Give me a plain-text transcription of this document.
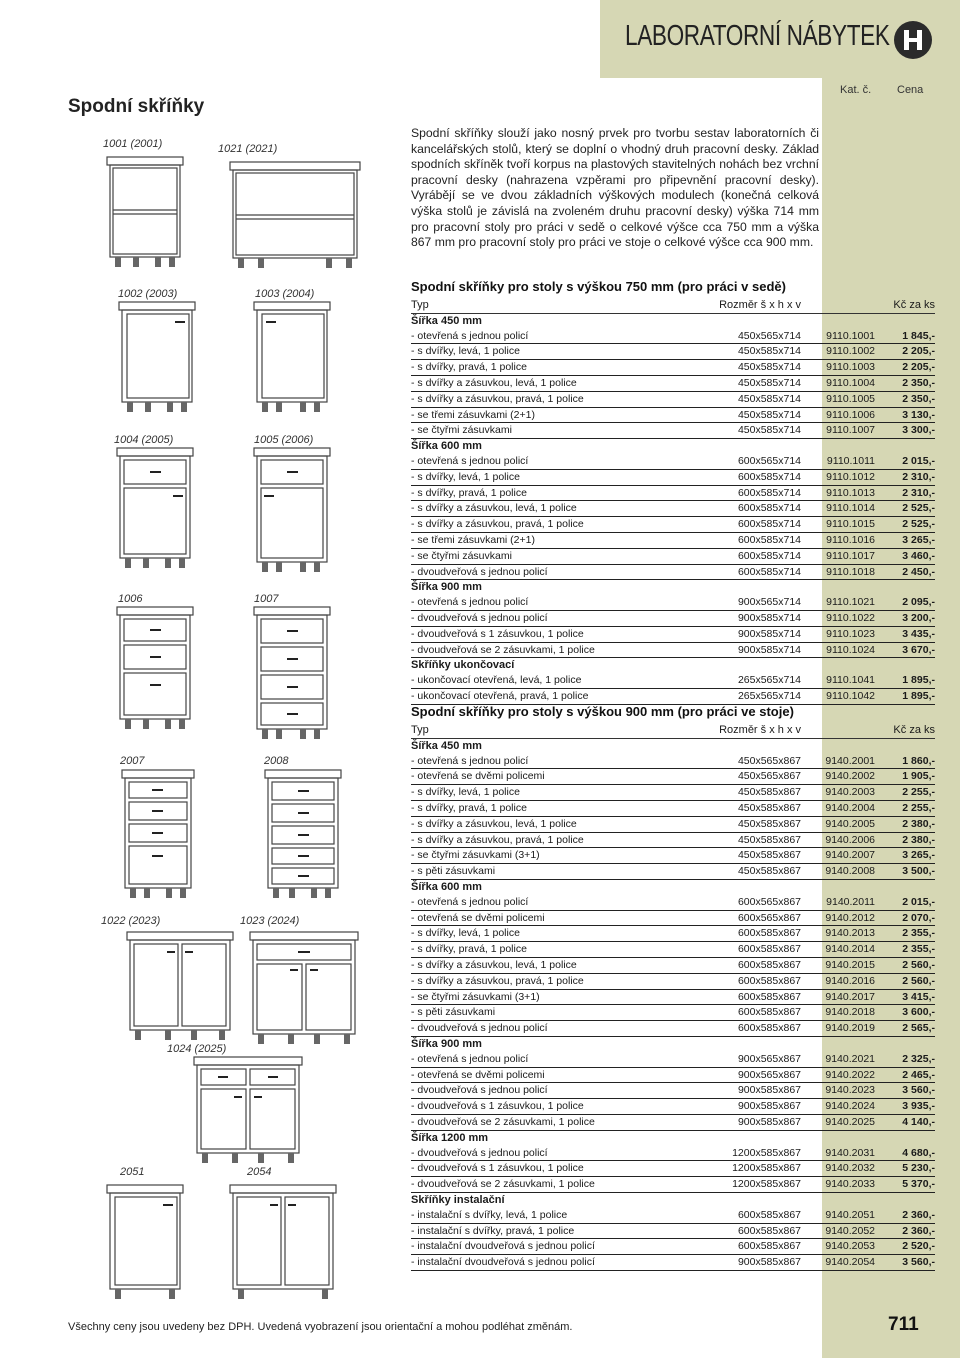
LABORATORNÍ NÁBYTEK
Kat. č. Cena
Spodní skříňky
Spodní skříňky slouží jako nosný prvek pro tvorbu sestav laboratorních či kancelářských stolů, který se doplní o vhodný druh pracovní desky. Základ spodních skříněk tvoří korpus na plastových stavitelných nohách bez vrchní pracovní desky (nahrazena vzpěrami pro připevnění pracovní desky). Vyrábějí se ve dvou základních výškových modulech (konečná celková výška stolů je závislá na zvoleném druhu pracovní desky) výška 714 mm pro pracovní stoly pro práci v sedě o celkové výšce cca 750 mm a výška 867 mm pro pracovní stoly pro práci ve stoje o celkové výšce cca 900 mm.
Spodní skříňky pro stoly s výškou 750 mm (pro práci v sedě)
Typ	Rozměr š x h x v		Kč za ks
Šířka 450 mm			
- otevřená s jednou policí	450x565x714	9110.1001	1 845,-
- s dvířky, levá, 1 police	450x585x714	9110.1002	2 205,-
- s dvířky, pravá, 1 police	450x585x714	9110.1003	2 205,-
- s dvířky a zásuvkou, levá, 1 police	450x585x714	9110.1004	2 350,-
- s dvířky a zásuvkou, pravá, 1 police	450x585x714	9110.1005	2 350,-
- se třemi zásuvkami (2+1)	450x585x714	9110.1006	3 130,-
- se čtyřmi zásuvkami	450x585x714	9110.1007	3 300,-
Šířka 600 mm			
- otevřená s jednou policí	600x565x714	9110.1011	2 015,-
- s dvířky, levá, 1 police	600x585x714	9110.1012	2 310,-
- s dvířky, pravá, 1 police	600x585x714	9110.1013	2 310,-
- s dvířky a zásuvkou, levá, 1 police	600x585x714	9110.1014	2 525,-
- s dvířky a zásuvkou, pravá, 1 police	600x585x714	9110.1015	2 525,-
- se třemi zásuvkami (2+1)	600x585x714	9110.1016	3 265,-
- se čtyřmi zásuvkami	600x585x714	9110.1017	3 460,-
- dvoudveřová s jednou policí	600x585x714	9110.1018	2 450,-
Šířka 900 mm			
- otevřená s jednou policí	900x565x714	9110.1021	2 095,-
- dvoudveřová s jednou policí	900x585x714	9110.1022	3 200,-
- dvoudveřová s 1 zásuvkou, 1 police	900x585x714	9110.1023	3 435,-
- dvoudveřová se 2 zásuvkami, 1 police	900x585x714	9110.1024	3 670,-
Skříňky ukončovací			
- ukončovací otevřená, levá, 1 police	265x565x714	9110.1041	1 895,-
- ukončovací otevřená, pravá, 1 police	265x565x714	9110.1042	1 895,-
Spodní skříňky pro stoly s výškou 900 mm (pro práci ve stoje)
Typ	Rozměr š x h x v		Kč za ks
Šířka 450 mm			
- otevřená s jednou policí	450x565x867	9140.2001	1 860,-
- otevřená se dvěmi policemi	450x565x867	9140.2002	1 905,-
- s dvířky, levá, 1 police	450x585x867	9140.2003	2 255,-
- s dvířky, pravá, 1 police	450x585x867	9140.2004	2 255,-
- s dvířky a zásuvkou, levá, 1 police	450x585x867	9140.2005	2 380,-
- s dvířky a zásuvkou, pravá, 1 police	450x585x867	9140.2006	2 380,-
- se čtyřmi zásuvkami (3+1)	450x585x867	9140.2007	3 265,-
- s pěti zásuvkami	450x585x867	9140.2008	3 500,-
Šířka 600 mm			
- otevřená s jednou policí	600x565x867	9140.2011	2 015,-
- otevřená se dvěmi policemi	600x565x867	9140.2012	2 070,-
- s dvířky, levá, 1 police	600x585x867	9140.2013	2 355,-
- s dvířky, pravá, 1 police	600x585x867	9140.2014	2 355,-
- s dvířky a zásuvkou, levá, 1 police	600x585x867	9140.2015	2 560,-
- s dvířky a zásuvkou, pravá, 1 police	600x585x867	9140.2016	2 560,-
- se čtyřmi zásuvkami (3+1)	600x585x867	9140.2017	3 415,-
- s pěti zásuvkami	600x585x867	9140.2018	3 600,-
- dvoudveřová s jednou policí	600x585x867	9140.2019	2 565,-
Šířka 900 mm			
- otevřená s jednou policí	900x565x867	9140.2021	2 325,-
- otevřená se dvěmi policemi	900x565x867	9140.2022	2 465,-
- dvoudveřová s jednou policí	900x585x867	9140.2023	3 560,-
- dvoudveřová s 1 zásuvkou, 1 police	900x585x867	9140.2024	3 935,-
- dvoudveřová se 2 zásuvkami, 1 police	900x585x867	9140.2025	4 140,-
Šířka 1200 mm			
- dvoudveřová s jednou policí	1200x585x867	9140.2031	4 680,-
- dvoudveřová s 1 zásuvkou, 1 police	1200x585x867	9140.2032	5 230,-
- dvoudveřová se 2 zásuvkami, 1 police	1200x585x867	9140.2033	5 370,-
Skříňky instalační			
- instalační s dvířky, levá, 1 police	600x585x867	9140.2051	2 360,-
- instalační s dvířky, pravá, 1 police	600x585x867	9140.2052	2 360,-
- instalační dvoudveřová s jednou policí	600x585x867	9140.2053	2 520,-
- instalační dvoudveřová s jednou policí	900x585x867	9140.2054	3 560,-
1001 (2001)	1021 (2021)
1002 (2003)	1003 (2004)
1004 (2005)	1005 (2006)
1006	1007
2007	2008
1022 (2023)	1023 (2024)
1024 (2025)
2051	2054
Všechny ceny jsou uvedeny bez DPH. Uvedená vyobrazení jsou orientační a mohou podléhat změnám.	711
